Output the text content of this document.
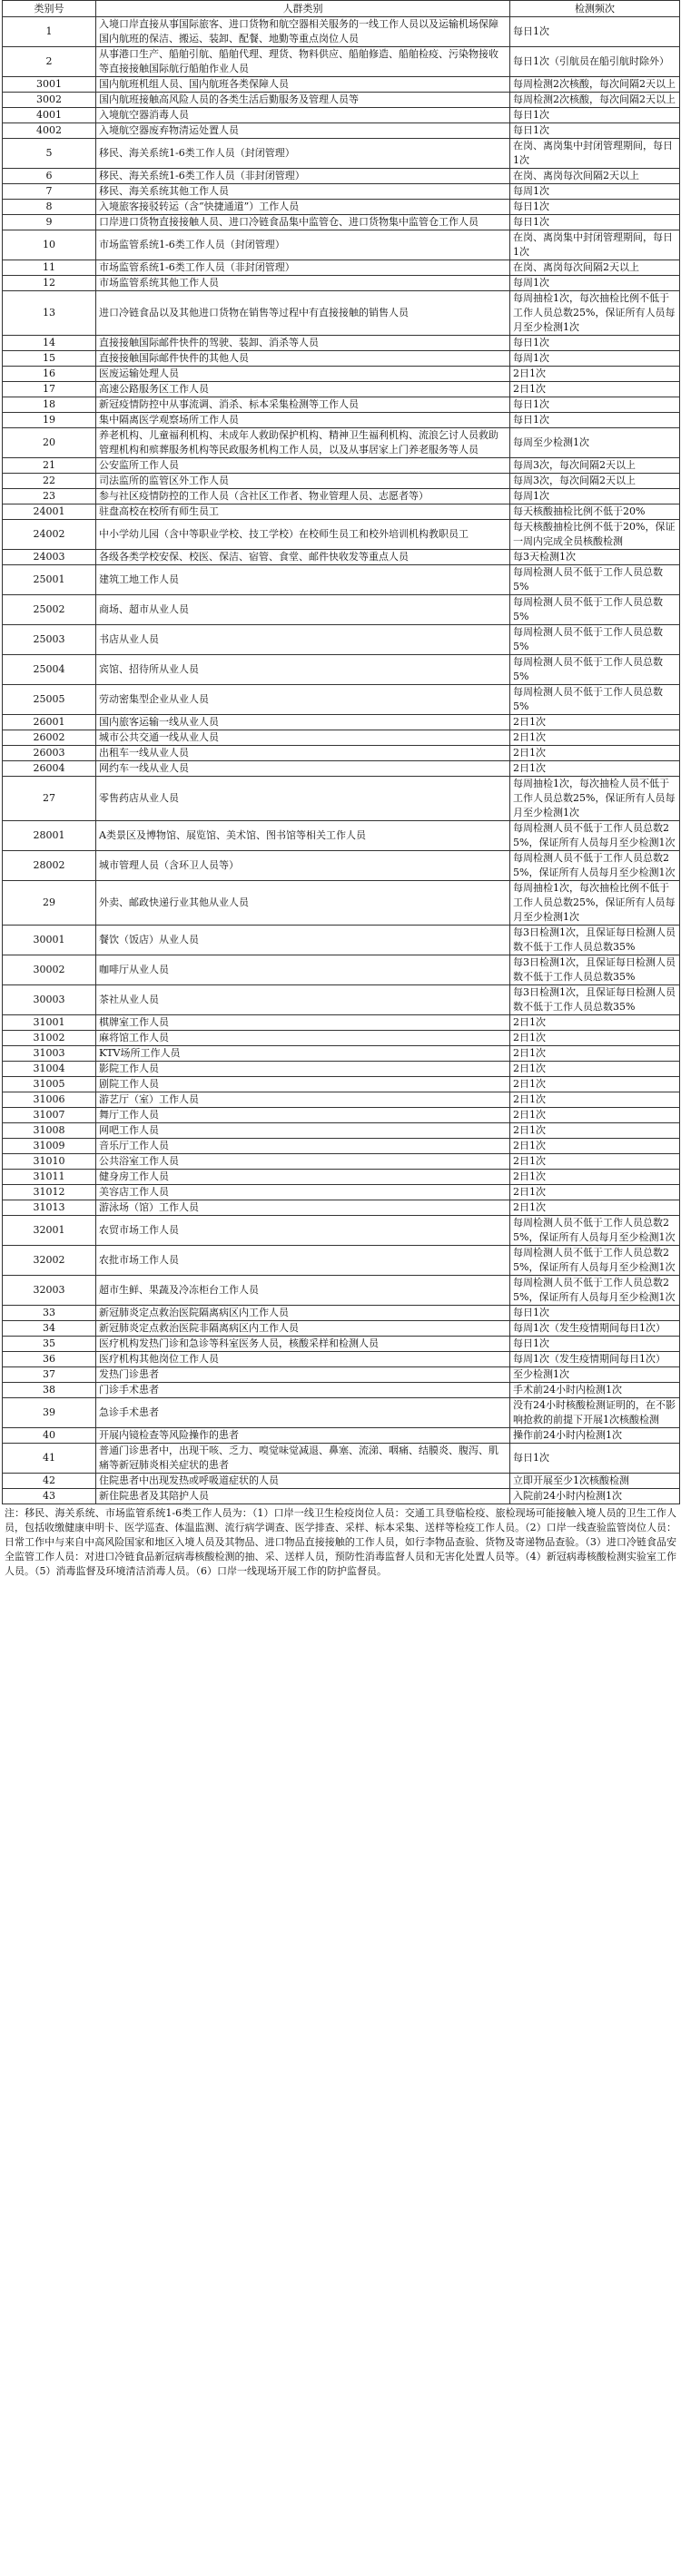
类别号	人群类别	检测频次
1	入境口岸直接从事国际旅客、进口货物和航空器相关服务的一线工作人员以及运输机场保障国内航班的保洁、搬运、装卸、配餐、地勤等重点岗位人员	每日1次
2	从事港口生产、船舶引航、船舶代理、理货、物料供应、船舶修造、船舶检疫、污染物接收等直接接触国际航行船舶作业人员	每日1次（引航员在船引航时除外）
3001	国内航班机组人员、国内航班各类保障人员	每周检测2次核酸，每次间隔2天以上
3002	国内航班接触高风险人员的各类生活后勤服务及管理人员等	每周检测2次核酸，每次间隔2天以上
4001	入境航空器消毒人员	每日1次
4002	入境航空器废弃物清运处置人员	每日1次
5	移民、海关系统1-6类工作人员（封闭管理）	在岗、离岗集中封闭管理期间，每日1次
6	移民、海关系统1-6类工作人员（非封闭管理）	在岗、离岗每次间隔2天以上
7	移民、海关系统其他工作人员	每周1次
8	入境旅客接驳转运（含“快捷通道”）工作人员	每日1次
9	口岸进口货物直接接触人员、进口冷链食品集中监管仓、进口货物集中监管仓工作人员	每日1次
10	市场监管系统1-6类工作人员（封闭管理）	在岗、离岗集中封闭管理期间，每日1次
11	市场监管系统1-6类工作人员（非封闭管理）	在岗、离岗每次间隔2天以上
12	市场监管系统其他工作人员	每周1次
13	进口冷链食品以及其他进口货物在销售等过程中有直接接触的销售人员	每周抽检1次，每次抽检比例不低于工作人员总数25%，保证所有人员每月至少检测1次
14	直接接触国际邮件快件的驾驶、装卸、消杀等人员	每日1次
15	直接接触国际邮件快件的其他人员	每周1次
16	医废运输处理人员	2日1次
17	高速公路服务区工作人员	2日1次
18	新冠疫情防控中从事流调、消杀、标本采集检测等工作人员	每日1次
19	集中隔离医学观察场所工作人员	每日1次
20	养老机构、儿童福利机构、未成年人救助保护机构、精神卫生福利机构、流浪乞讨人员救助管理机构和殡葬服务机构等民政服务机构工作人员，以及从事居家上门养老服务等人员	每周至少检测1次
21	公安监所工作人员	每周3次，每次间隔2天以上
22	司法监所的监管区外工作人员	每周3次，每次间隔2天以上
23	参与社区疫情防控的工作人员（含社区工作者、物业管理人员、志愿者等）	每周1次
24001	驻盘高校在校所有师生员工	每天核酸抽检比例不低于20%
24002	中小学幼儿园（含中等职业学校、技工学校）在校师生员工和校外培训机构教职员工	每天核酸抽检比例不低于20%，保证一周内完成全员核酸检测
24003	各级各类学校安保、校医、保洁、宿管、食堂、邮件快收发等重点人员	每3天检测1次
25001	建筑工地工作人员	每周检测人员不低于工作人员总数5%
25002	商场、超市从业人员	每周检测人员不低于工作人员总数5%
25003	书店从业人员	每周检测人员不低于工作人员总数5%
25004	宾馆、招待所从业人员	每周检测人员不低于工作人员总数5%
25005	劳动密集型企业从业人员	每周检测人员不低于工作人员总数5%
26001	国内旅客运输一线从业人员	2日1次
26002	城市公共交通一线从业人员	2日1次
26003	出租车一线从业人员	2日1次
26004	网约车一线从业人员	2日1次
27	零售药店从业人员	每周抽检1次，每次抽检人员不低于工作人员总数25%，保证所有人员每月至少检测1次
28001	A类景区及博物馆、展览馆、美术馆、图书馆等相关工作人员	每周检测人员不低于工作人员总数25%，保证所有人员每月至少检测1次
28002	城市管理人员（含环卫人员等）	每周检测人员不低于工作人员总数25%，保证所有人员每月至少检测1次
29	外卖、邮政快递行业其他从业人员	每周抽检1次，每次抽检比例不低于工作人员总数25%，保证所有人员每月至少检测1次
30001	餐饮（饭店）从业人员	每3日检测1次，且保证每日检测人员数不低于工作人员总数35%
30002	咖啡厅从业人员	每3日检测1次，且保证每日检测人员数不低于工作人员总数35%
30003	茶社从业人员	每3日检测1次，且保证每日检测人员数不低于工作人员总数35%
31001	棋牌室工作人员	2日1次
31002	麻将馆工作人员	2日1次
31003	KTV场所工作人员	2日1次
31004	影院工作人员	2日1次
31005	剧院工作人员	2日1次
31006	游艺厅（室）工作人员	2日1次
31007	舞厅工作人员	2日1次
31008	网吧工作人员	2日1次
31009	音乐厅工作人员	2日1次
31010	公共浴室工作人员	2日1次
31011	健身房工作人员	2日1次
31012	美容店工作人员	2日1次
31013	游泳场（馆）工作人员	2日1次
32001	农贸市场工作人员	每周检测人员不低于工作人员总数25%，保证所有人员每月至少检测1次
32002	农批市场工作人员	每周检测人员不低于工作人员总数25%，保证所有人员每月至少检测1次
32003	超市生鲜、果蔬及冷冻柜台工作人员	每周检测人员不低于工作人员总数25%，保证所有人员每月至少检测1次
33	新冠肺炎定点救治医院隔离病区内工作人员	每日1次
34	新冠肺炎定点救治医院非隔离病区内工作人员	每周1次（发生疫情期间每日1次）
35	医疗机构发热门诊和急诊等科室医务人员，核酸采样和检测人员	每日1次
36	医疗机构其他岗位工作人员	每周1次（发生疫情期间每日1次）
37	发热门诊患者	至少检测1次
38	门诊手术患者	手术前24小时内检测1次
39	急诊手术患者	没有24小时核酸检测证明的，在不影响抢救的前提下开展1次核酸检测
40	开展内镜检查等风险操作的患者	操作前24小时内检测1次
41	普通门诊患者中，出现干咳、乏力、嗅觉味觉减退、鼻塞、流涕、咽痛、结膜炎、腹泻、肌痛等新冠肺炎相关症状的患者	每日1次
42	住院患者中出现发热或呼吸道症状的人员	立即开展至少1次核酸检测
43	新住院患者及其陪护人员	入院前24小时内检测1次
注：移民、海关系统、市场监管系统1-6类工作人员为：（1）口岸一线卫生检疫岗位人员：交通工具登临检疫、旅检现场可能接触入境人员的卫生工作人员，包括收缴健康申明卡、医学巡查、体温监测、流行病学调查、医学排查、采样、标本采集、送样等检疫工作人员。（2）口岸一线查验监管岗位人员：日常工作中与来自中高风险国家和地区入境人员及其物品、进口物品直接接触的工作人员，如行李物品查验、货物及寄递物品查验。（3）进口冷链食品安全监管工作人员：对进口冷链食品新冠病毒核酸检测的抽、采、送样人员，预防性消毒监督人员和无害化处置人员等。（4）新冠病毒核酸检测实验室工作人员。（5）消毒监督及环境清洁消毒人员。（6）口岸一线现场开展工作的防护监督员。
